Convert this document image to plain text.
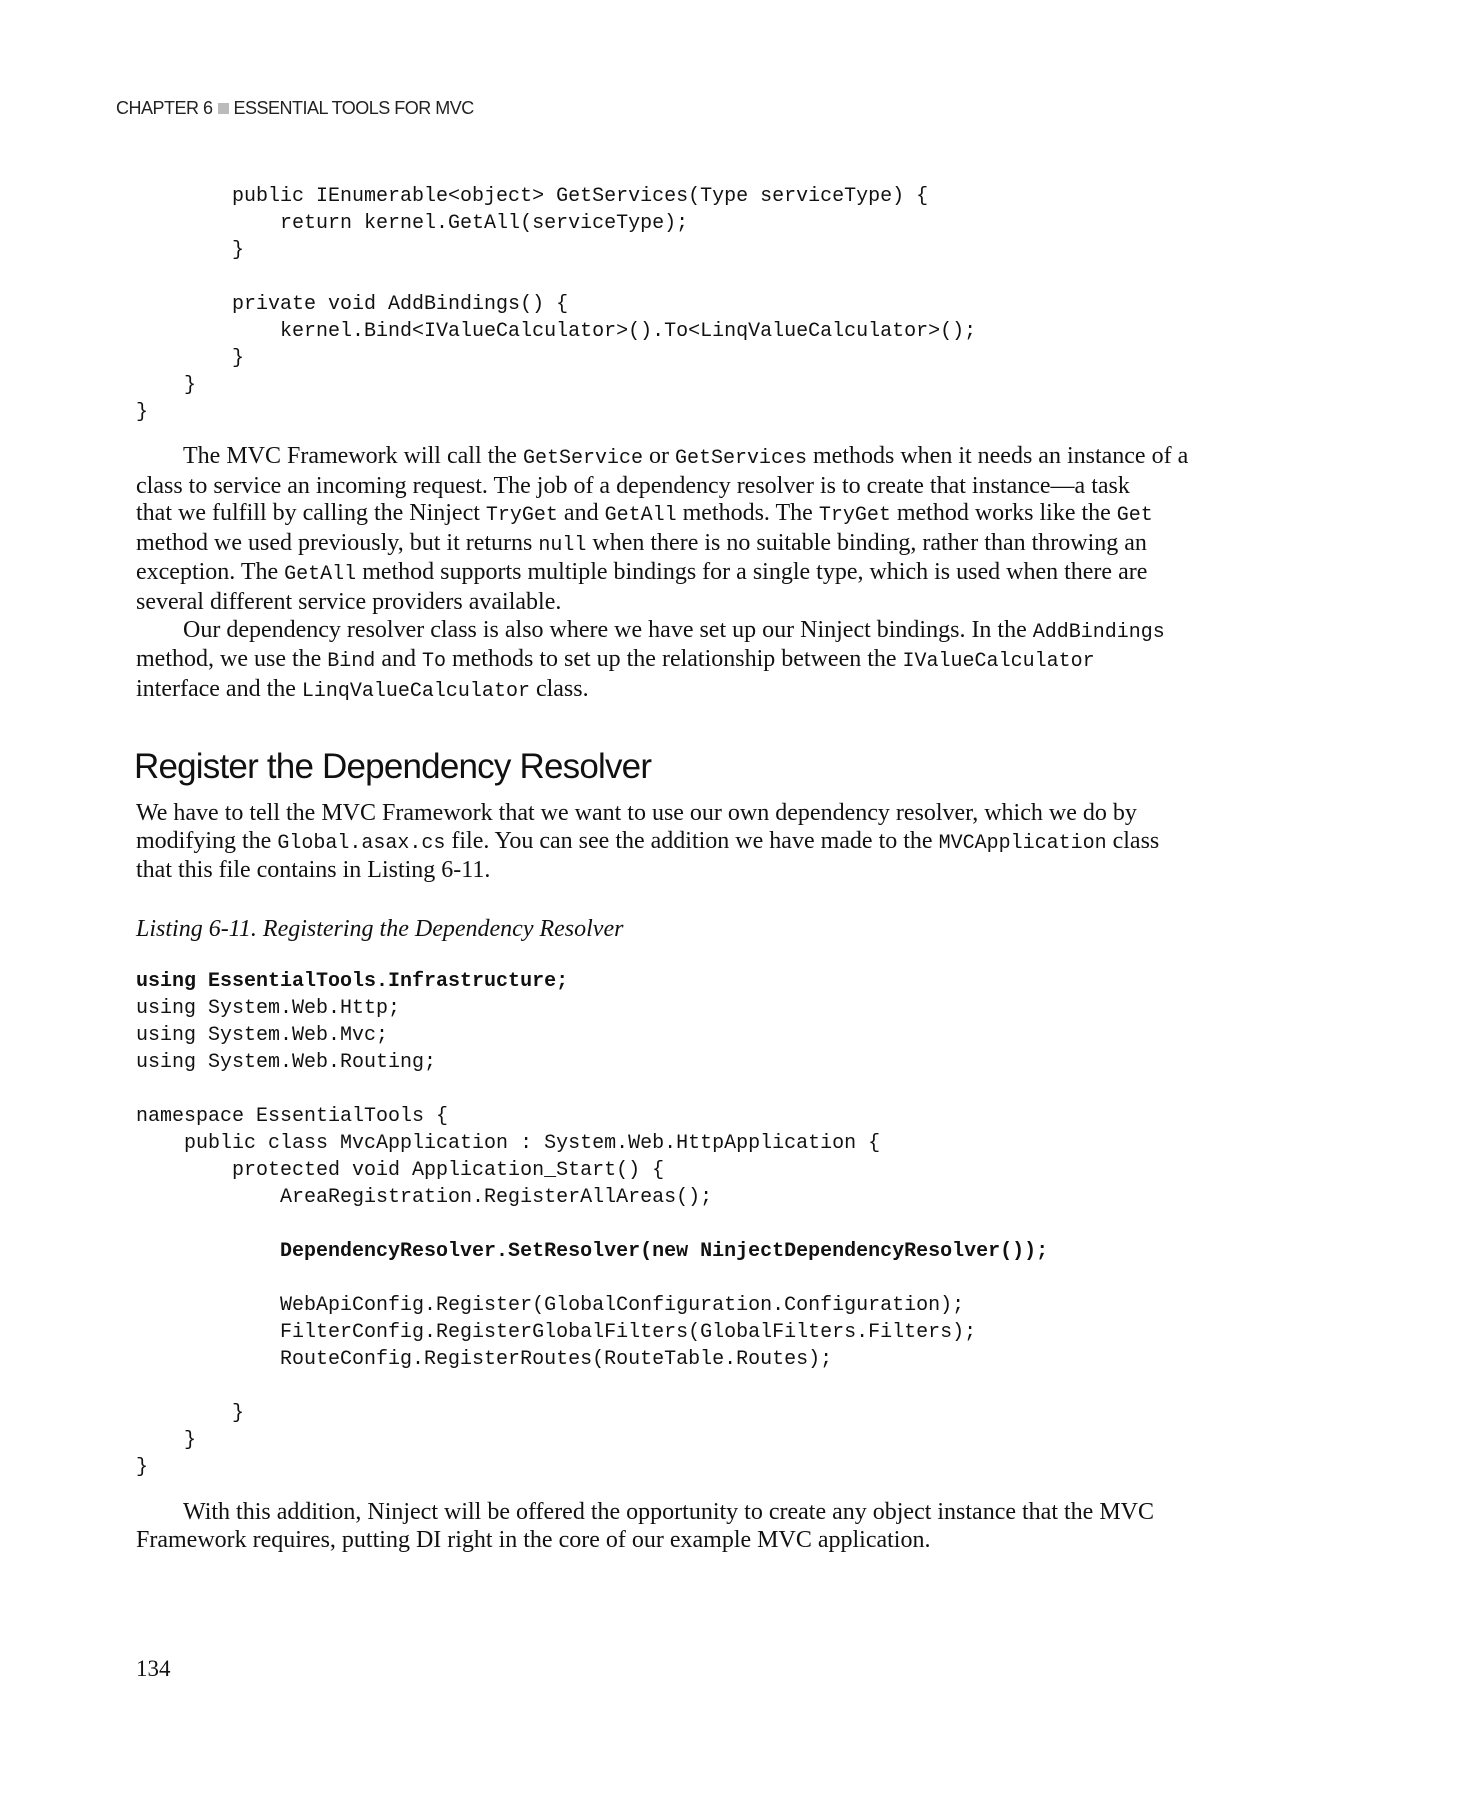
CHAPTER 6 ESSENTIAL TOOLS FOR MVC
public IEnumerable<object> GetServices(Type serviceType) {
return kernel.GetAll(serviceType);
}

private void AddBindings() {
kernel.Bind<IValueCalculator>().To<LinqValueCalculator>();
}
}
}

The MVC Framework will call the GetService or GetServices methods when it needs an instance of a
class to service an incoming request. The job of a dependency resolver is to create that instance—a task
that we fulfill by calling the Ninject TryGet and GetAll methods. The TryGet method works like the Get
method we used previously, but it returns null when there is no suitable binding, rather than throwing an
exception. The GetAll method supports multiple bindings for a single type, which is used when there are
several different service providers available.
Our dependency resolver class is also where we have set up our Ninject bindings. In the AddBindings
method, we use the Bind and To methods to set up the relationship between the IValueCalculator
interface and the LinqValueCalculator class.
Register the Dependency Resolver
We have to tell the MVC Framework that we want to use our own dependency resolver, which we do by
modifying the Global.asax.cs file. You can see the addition we have made to the MVCApplication class
that this file contains in Listing 6-11.
Listing 6-11. Registering the Dependency Resolver
using EssentialTools.Infrastructure;
using System.Web.Http;
using System.Web.Mvc;
using System.Web.Routing;

namespace EssentialTools {
public class MvcApplication : System.Web.HttpApplication {
protected void Application_Start() {
AreaRegistration.RegisterAllAreas();

DependencyResolver.SetResolver(new NinjectDependencyResolver());

WebApiConfig.Register(GlobalConfiguration.Configuration);
FilterConfig.RegisterGlobalFilters(GlobalFilters.Filters);
RouteConfig.RegisterRoutes(RouteTable.Routes);

}
}
}

With this addition, Ninject will be offered the opportunity to create any object instance that the MVC
Framework requires, putting DI right in the core of our example MVC application.
134
